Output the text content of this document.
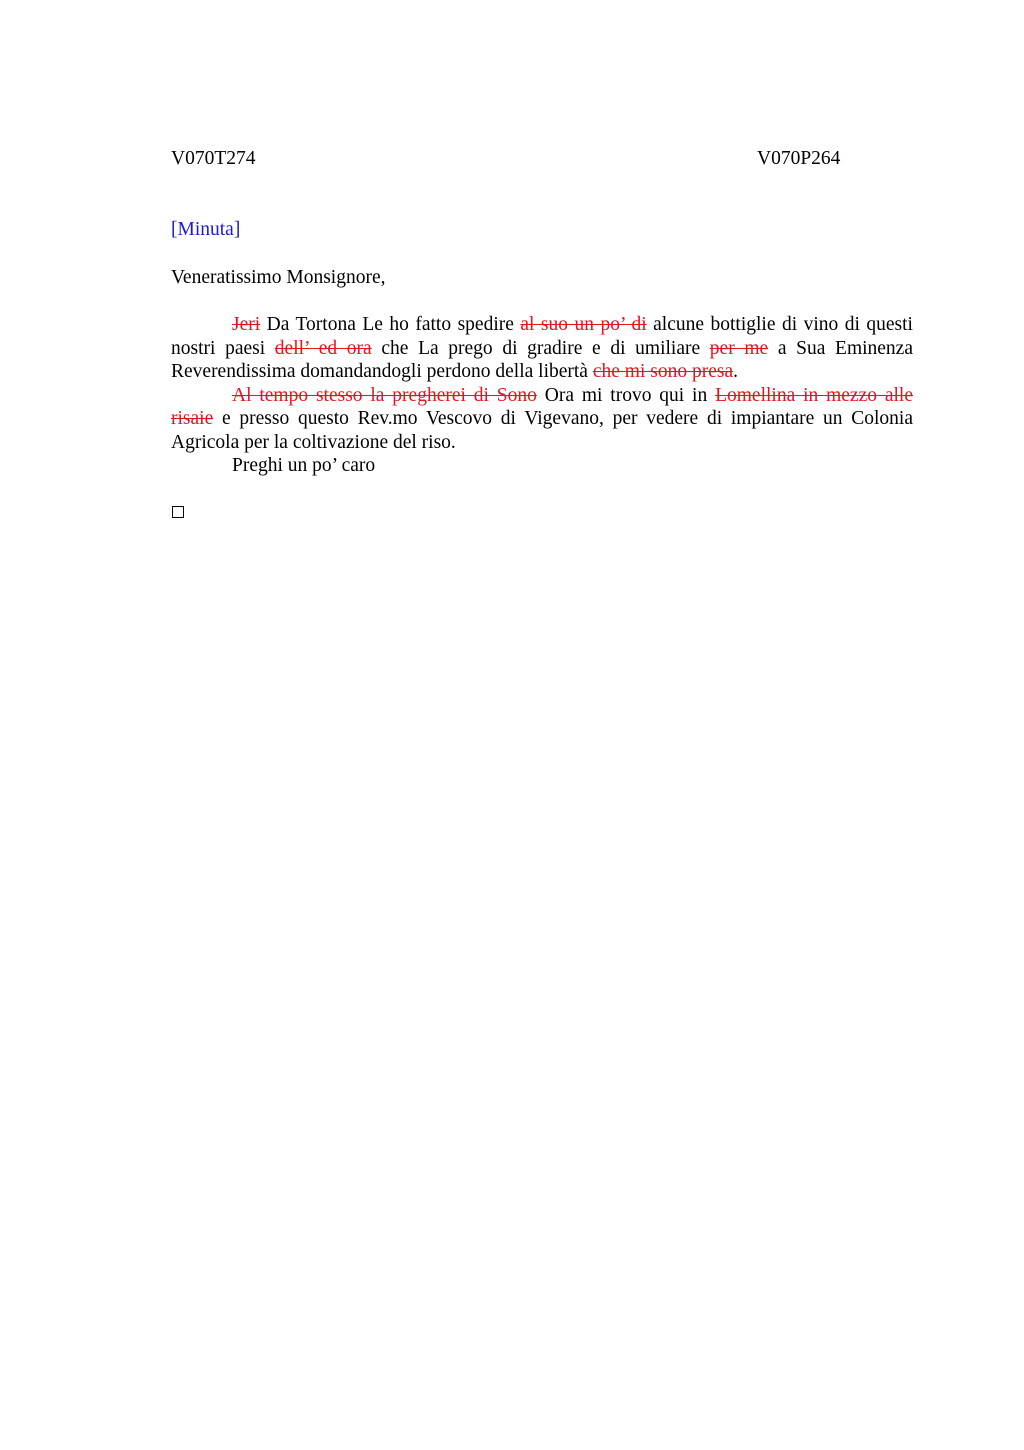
V070T274	V070P264
[Minuta]
Veneratissimo Monsignore,

Jeri Da Tortona Le ho fatto spedire al suo un po’ di alcune bottiglie di vino di questi nostri paesi dell’ ed ora che La prego di gradire e di umiliare per me a Sua Eminenza Reverendissima domandandogli perdono della libertà che mi sono presa.

Al tempo stesso la pregherei di Sono Ora mi trovo qui in Lomellina in mezzo alle risaie e presso questo Rev.mo Vescovo di Vigevano, per vedere di impiantare un Colonia Agricola per la coltivazione del riso.

Preghi un po’ caro
